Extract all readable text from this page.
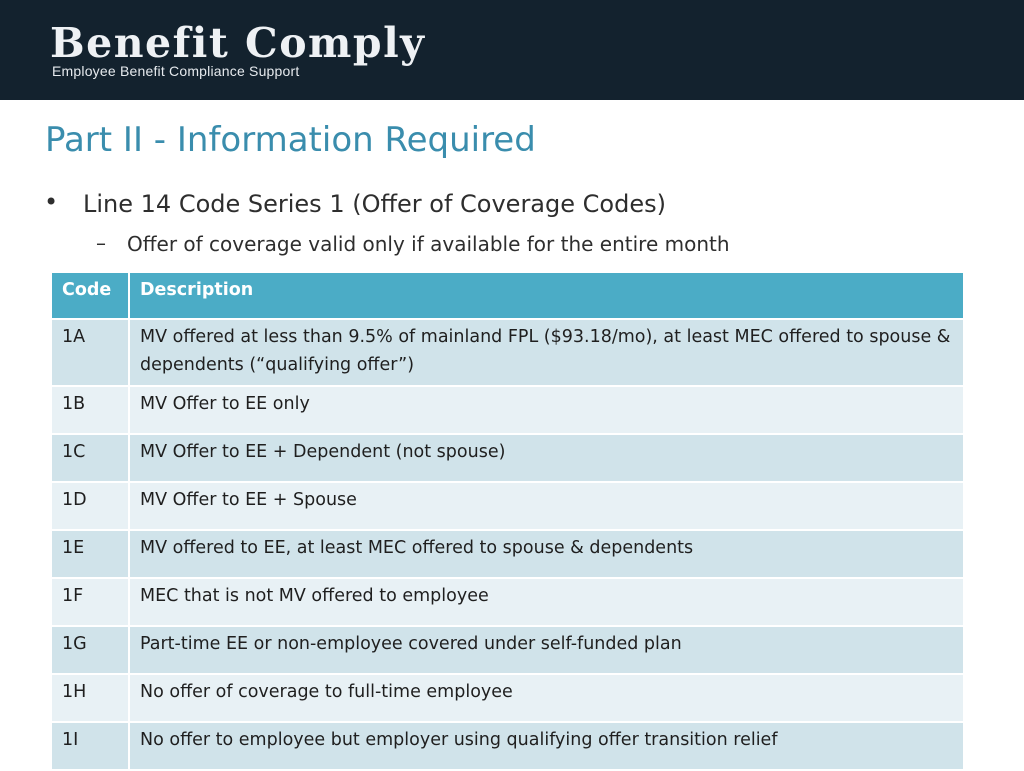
Benefit Comply
Employee Benefit Compliance Support
Part II - Information Required
• Line 14 Code Series 1 (Offer of Coverage Codes)
– Offer of coverage valid only if available for the entire month
Code	Description
1A	MV offered at less than 9.5% of mainland FPL ($93.18/mo), at least MEC offered to spouse & dependents (“qualifying offer”)
1B	MV Offer to EE only
1C	MV Offer to EE + Dependent (not spouse)
1D	MV Offer to EE + Spouse
1E	MV offered to EE, at least MEC offered to spouse & dependents
1F	MEC that is not MV offered to employee
1G	Part-time EE or non-employee covered under self-funded plan
1H	No offer of coverage to full-time employee
1I	No offer to employee but employer using qualifying offer transition relief
